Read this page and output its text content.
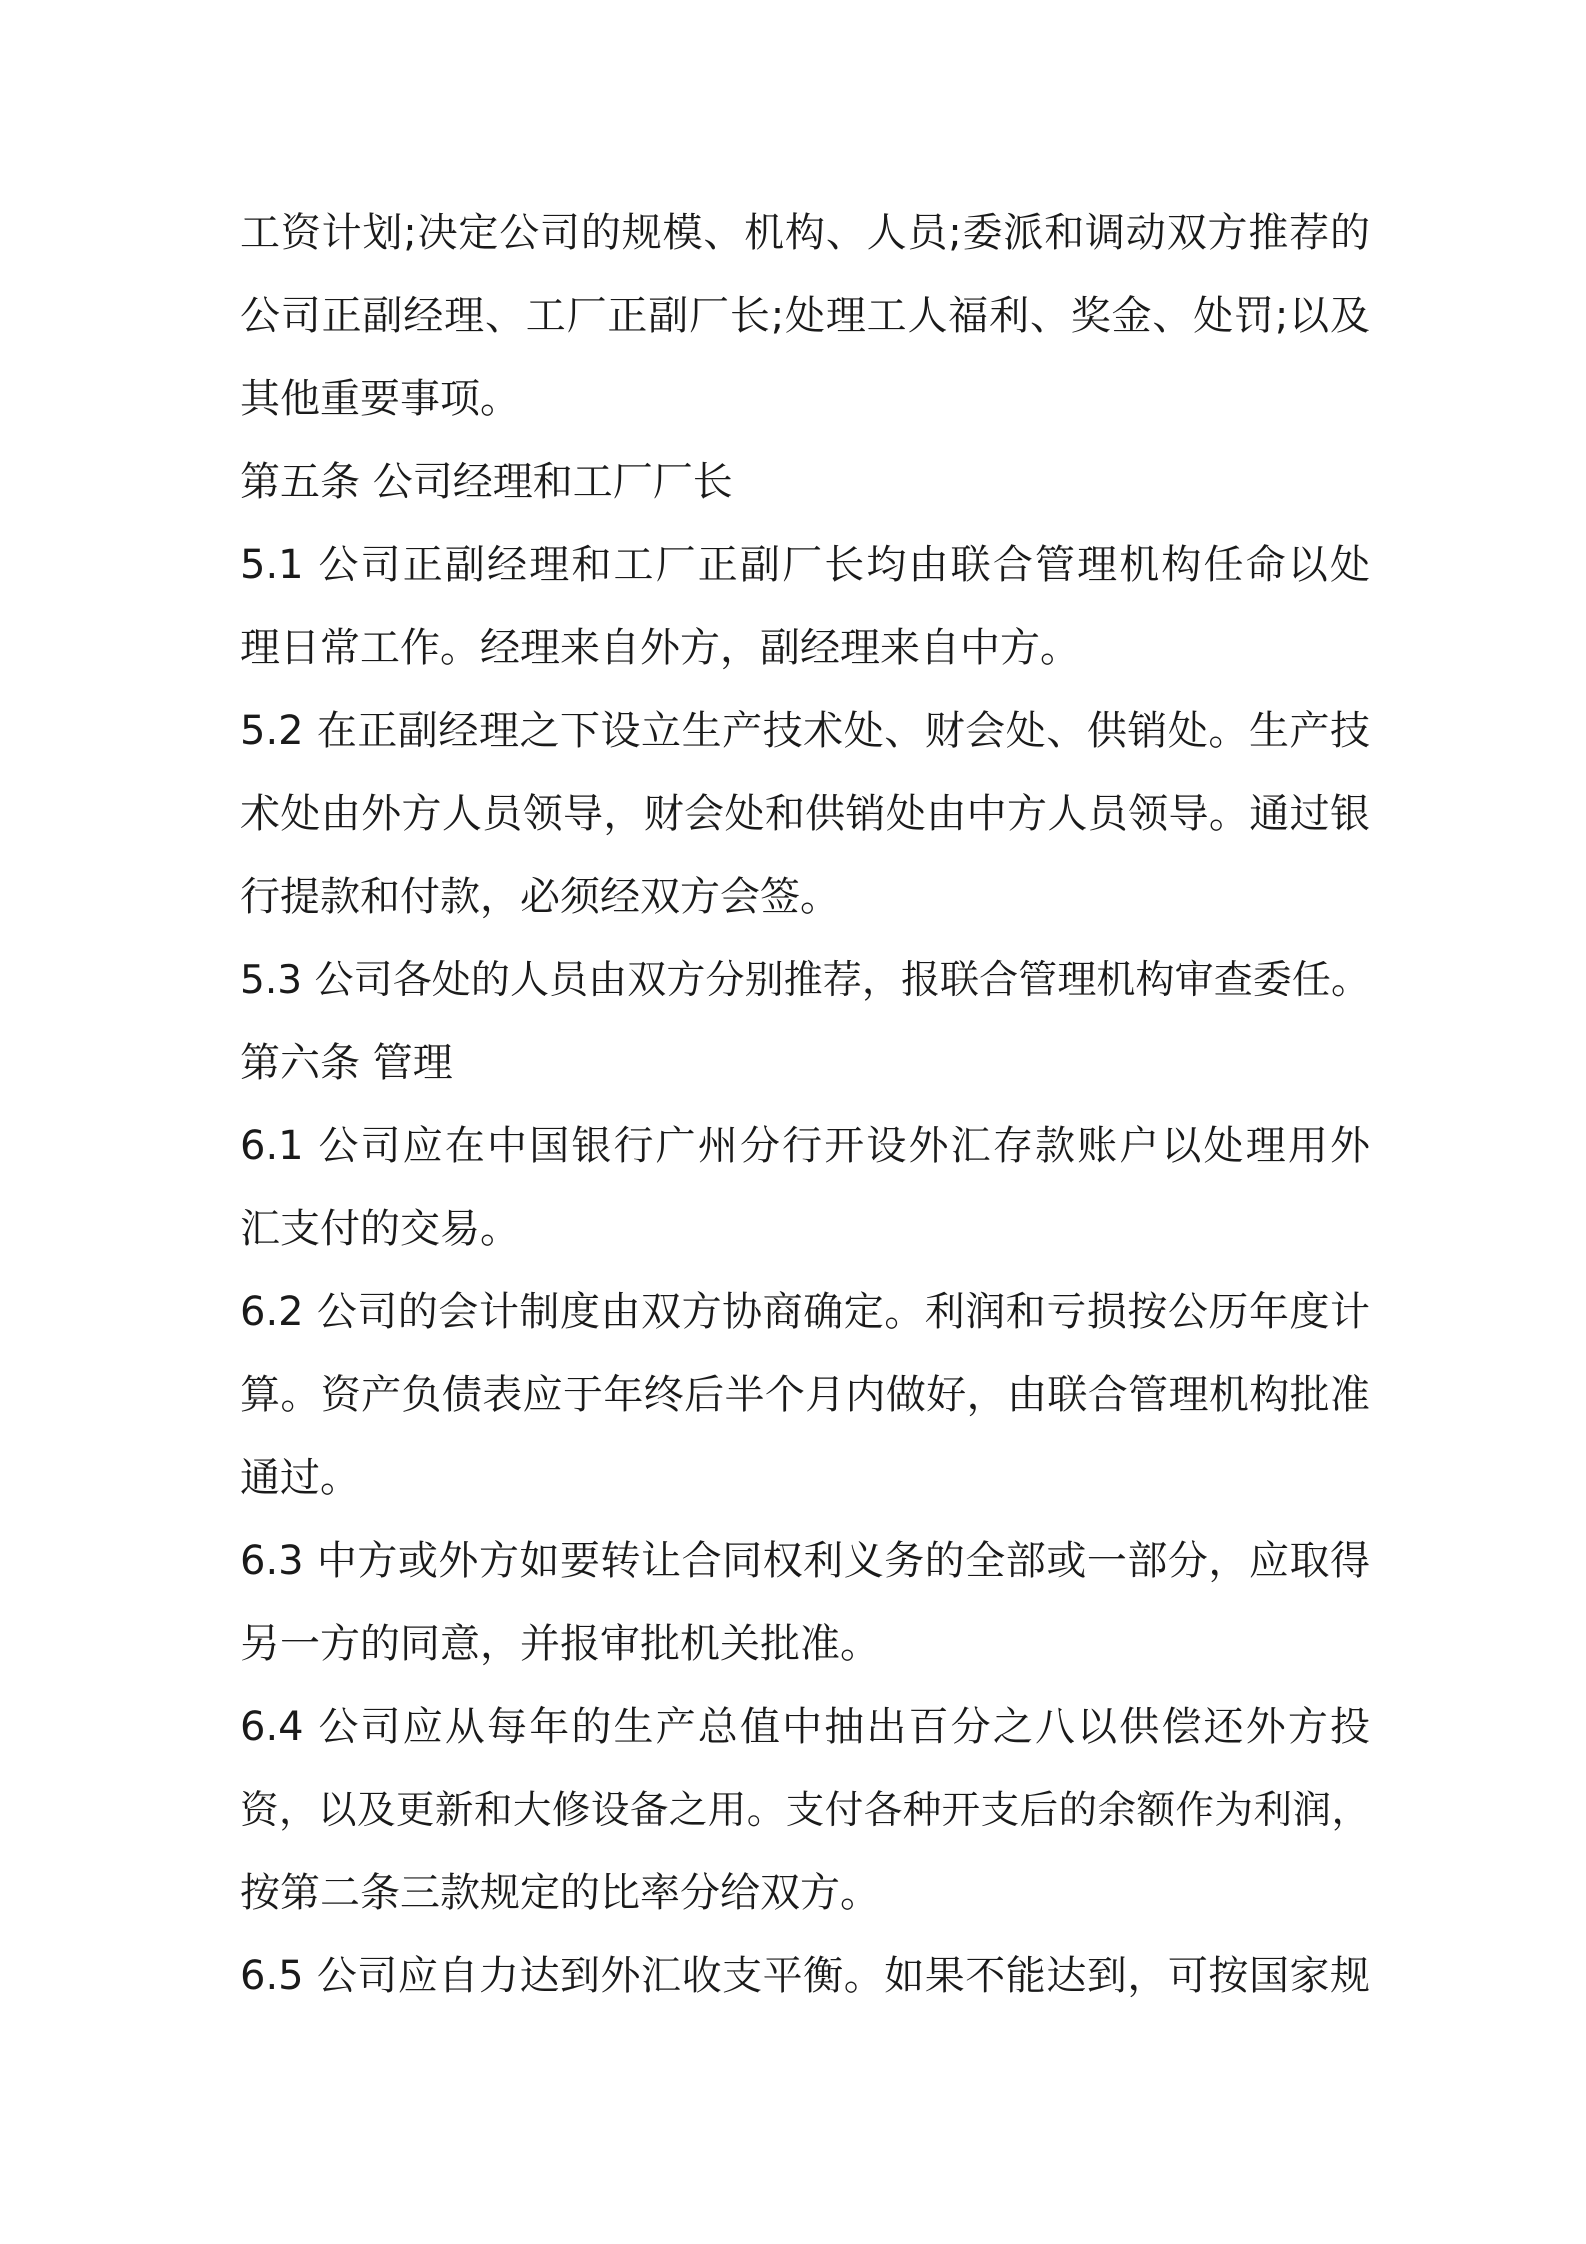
工资计划;决定公司的规模、机构、人员;委派和调动双方推荐的
公司正副经理、工厂正副厂长;处理工人福利、奖金、处罚;以及
其他重要事项。
第五条 公司经理和工厂厂长
5.1 公司正副经理和工厂正副厂长均由联合管理机构任命以处
理日常工作。经理来自外方，副经理来自中方。
5.2 在正副经理之下设立生产技术处、财会处、供销处。生产技
术处由外方人员领导，财会处和供销处由中方人员领导。通过银
行提款和付款，必须经双方会签。
5.3 公司各处的人员由双方分别推荐，报联合管理机构审查委任。
第六条 管理
6.1 公司应在中国银行广州分行开设外汇存款账户以处理用外
汇支付的交易。
6.2 公司的会计制度由双方协商确定。利润和亏损按公历年度计
算。资产负债表应于年终后半个月内做好，由联合管理机构批准
通过。
6.3 中方或外方如要转让合同权利义务的全部或一部分，应取得
另一方的同意，并报审批机关批准。
6.4 公司应从每年的生产总值中抽出百分之八以供偿还外方投
资，以及更新和大修设备之用。支付各种开支后的余额作为利润，
按第二条三款规定的比率分给双方。
6.5 公司应自力达到外汇收支平衡。如果不能达到，可按国家规
